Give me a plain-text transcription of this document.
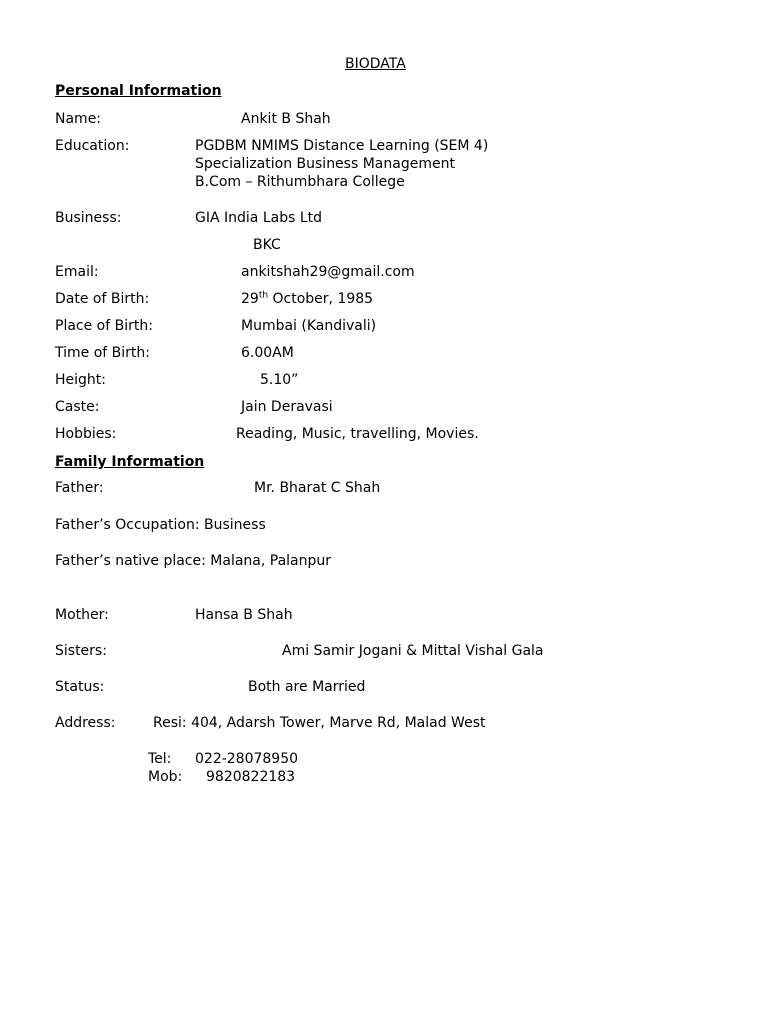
BIODATA
Personal Information
Name:	Ankit B Shah
Education:	PGDBM NMIMS Distance Learning (SEM 4)
Specialization Business Management
B.Com – Rithumbhara College
Business:	GIA India Labs Ltd
BKC
Email:	ankitshah29@gmail.com
Date of Birth:	29th October, 1985
Place of Birth:	Mumbai (Kandivali)
Time of Birth:	6.00AM
Height:	5.10”
Caste:	Jain Deravasi
Hobbies:	Reading, Music, travelling, Movies.
Family Information
Father:	Mr. Bharat C Shah
Father’s Occupation: Business
Father’s native place: Malana, Palanpur
Mother:	Hansa B Shah
Sisters:	Ami Samir Jogani & Mittal Vishal Gala
Status:	Both are Married
Address:	Resi: 404, Adarsh Tower, Marve Rd, Malad West
Tel: 022-28078950
Mob: 9820822183
